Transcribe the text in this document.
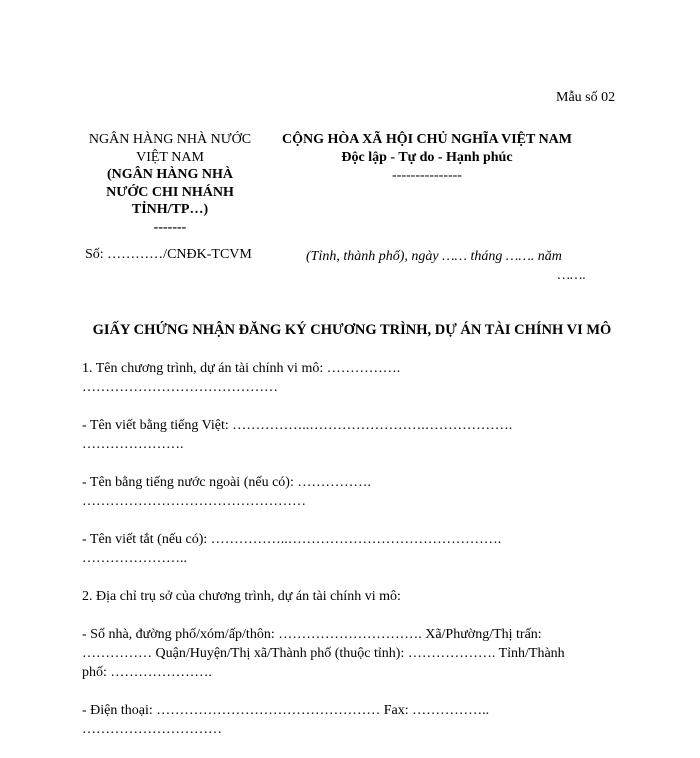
Mẫu số 02
NGÂN HÀNG NHÀ NƯỚC
VIỆT NAM
(NGÂN HÀNG NHÀ
NƯỚC CHI NHÁNH
TỈNH/TP…)
-------
CỘNG HÒA XÃ HỘI CHỦ NGHĨA VIỆT NAM
Độc lập - Tự do - Hạnh phúc
---------------
Số: …………/CNĐK-TCVM	(Tỉnh, thành phố), ngày …… tháng ……. năm
…….
GIẤY CHỨNG NHẬN ĐĂNG KÝ CHƯƠNG TRÌNH, DỰ ÁN TÀI CHÍNH VI MÔ
1. Tên chương trình, dự án tài chính vi mô: …………….
……………………………………
- Tên viết bằng tiếng Việt: ……………..…………………….……………….
………………….
- Tên bằng tiếng nước ngoài (nếu có): …………….
…………………………………………
- Tên viết tắt (nếu có): ……………..……………………………………….
…………………..
2. Địa chỉ trụ sở của chương trình, dự án tài chính vi mô:
- Số nhà, đường phố/xóm/ấp/thôn: …………………………. Xã/Phường/Thị trấn:
…………… Quận/Huyện/Thị xã/Thành phố (thuộc tỉnh): ………………. Tỉnh/Thành
phố: ………………….
- Điện thoại: ………………………………………… Fax: ……………..
…………………………
